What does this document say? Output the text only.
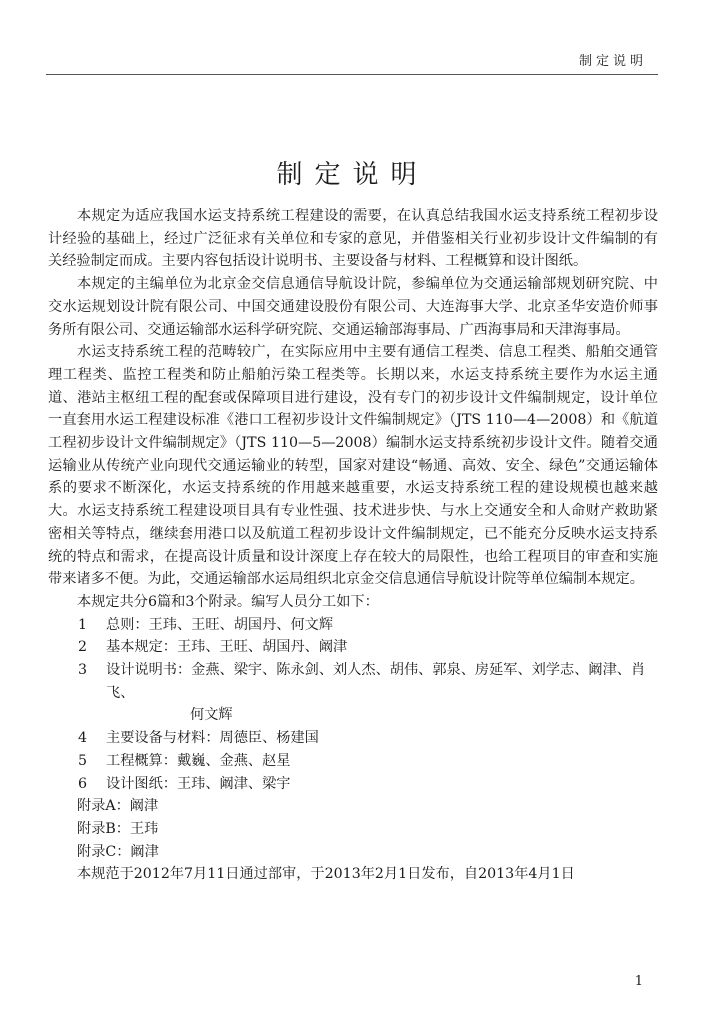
制定说明
制定说明

本规定为适应我国水运支持系统工程建设的需要，在认真总结我国水运支持系统工程初步设计经验的基础上，经过广泛征求有关单位和专家的意见，并借鉴相关行业初步设计文件编制的有关经验制定而成。主要内容包括设计说明书、主要设备与材料、工程概算和设计图纸。

本规定的主编单位为北京金交信息通信导航设计院，参编单位为交通运输部规划研究院、中交水运规划设计院有限公司、中国交通建设股份有限公司、大连海事大学、北京圣华安造价师事务所有限公司、交通运输部水运科学研究院、交通运输部海事局、广西海事局和天津海事局。

水运支持系统工程的范畴较广，在实际应用中主要有通信工程类、信息工程类、船舶交通管理工程类、监控工程类和防止船舶污染工程类等。长期以来，水运支持系统主要作为水运主通道、港站主枢纽工程的配套或保障项目进行建设，没有专门的初步设计文件编制规定，设计单位一直套用水运工程建设标准《港口工程初步设计文件编制规定》（JTS 110—4—2008）和《航道工程初步设计文件编制规定》（JTS 110—5—2008）编制水运支持系统初步设计文件。随着交通运输业从传统产业向现代交通运输业的转型，国家对建设“畅通、高效、安全、绿色”交通运输体系的要求不断深化，水运支持系统的作用越来越重要，水运支持系统工程的建设规模也越来越大。水运支持系统工程建设项目具有专业性强、技术进步快、与水上交通安全和人命财产救助紧密相关等特点，继续套用港口以及航道工程初步设计文件编制规定，已不能充分反映水运支持系统的特点和需求，在提高设计质量和设计深度上存在较大的局限性，也给工程项目的审查和实施带来诸多不便。为此，交通运输部水运局组织北京金交信息通信导航设计院等单位编制本规定。

本规定共分6篇和3个附录。编写人员分工如下：

1 总则：王玮、王旺、胡国丹、何文辉
2 基本规定：王玮、王旺、胡国丹、阚津
3 设计说明书：金燕、梁宇、陈永剑、刘人杰、胡伟、郭泉、房延军、刘学志、阚津、肖飞、
何文辉
4 主要设备与材料：周德臣、杨建国
5 工程概算：戴巍、金燕、赵星
6 设计图纸：王玮、阚津、梁宇
附录A：阚津
附录B：王玮
附录C：阚津

本规范于2012年7月11日通过部审，于2013年2月1日发布，自2013年4月1日

1
